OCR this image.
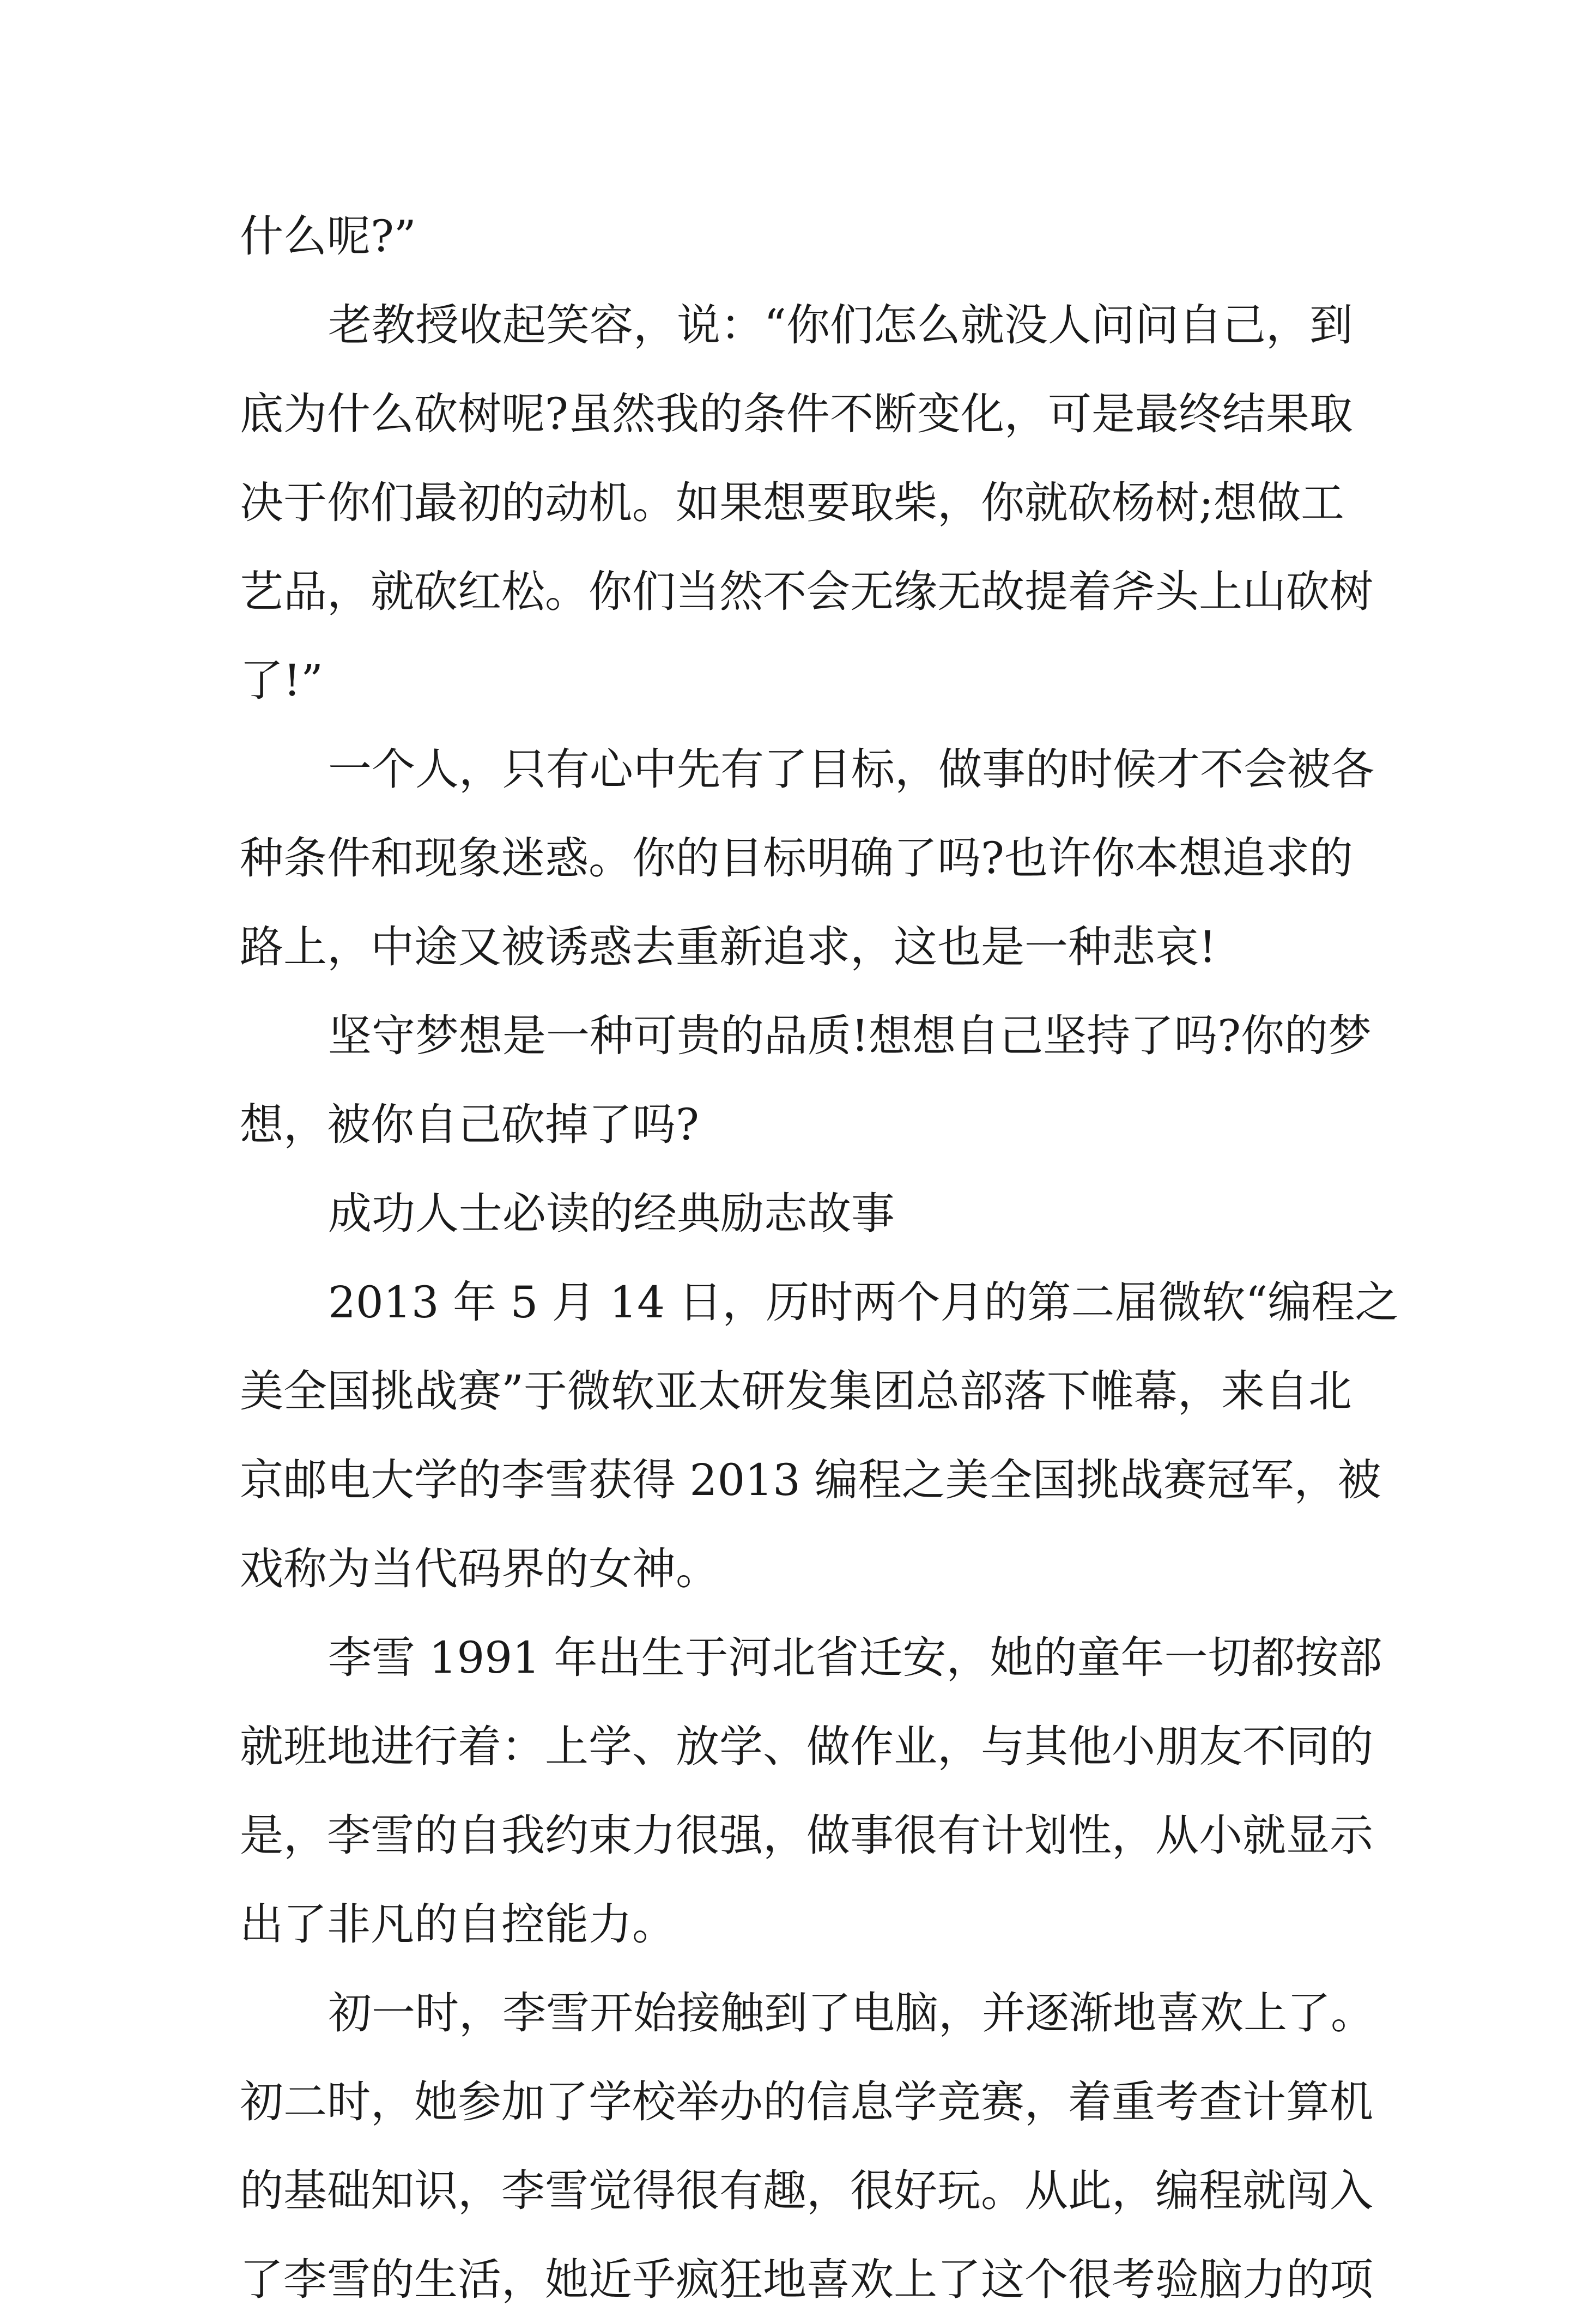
什么呢?”
老教授收起笑容，说：“你们怎么就没人问问自己，到
底为什么砍树呢?虽然我的条件不断变化，可是最终结果取
决于你们最初的动机。如果想要取柴，你就砍杨树;想做工
艺品，就砍红松。你们当然不会无缘无故提着斧头上山砍树
了!”
一个人，只有心中先有了目标，做事的时候才不会被各
种条件和现象迷惑。你的目标明确了吗?也许你本想追求的
路上，中途又被诱惑去重新追求，这也是一种悲哀!
坚守梦想是一种可贵的品质!想想自己坚持了吗?你的梦
想，被你自己砍掉了吗?
成功人士必读的经典励志故事
2013 年 5 月 14 日，历时两个月的第二届微软“编程之
美全国挑战赛”于微软亚太研发集团总部落下帷幕，来自北
京邮电大学的李雪获得 2013 编程之美全国挑战赛冠军，被
戏称为当代码界的女神。
李雪 1991 年出生于河北省迁安，她的童年一切都按部
就班地进行着：上学、放学、做作业，与其他小朋友不同的
是，李雪的自我约束力很强，做事很有计划性，从小就显示
出了非凡的自控能力。
初一时，李雪开始接触到了电脑，并逐渐地喜欢上了。
初二时，她参加了学校举办的信息学竞赛，着重考查计算机
的基础知识，李雪觉得很有趣，很好玩。从此，编程就闯入
了李雪的生活，她近乎疯狂地喜欢上了这个很考验脑力的项
